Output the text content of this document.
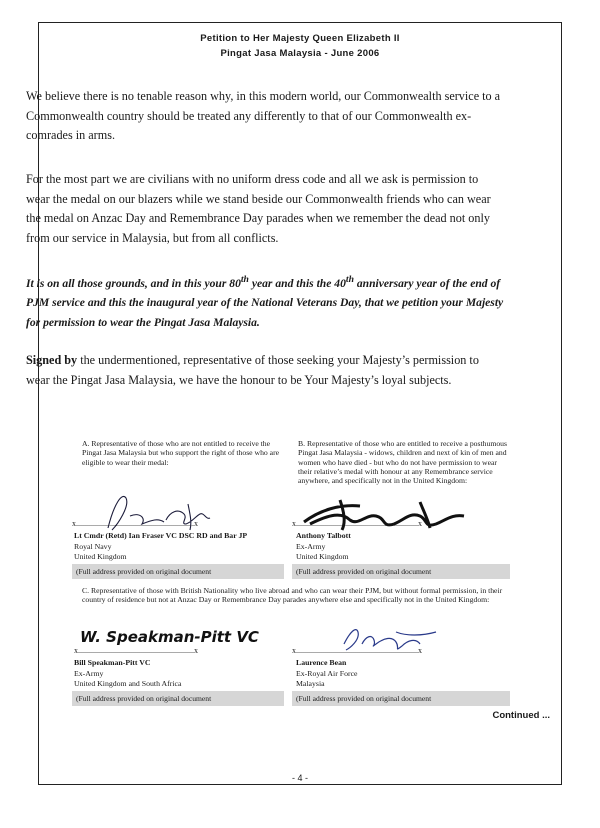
Petition to Her Majesty Queen Elizabeth II
Pingat Jasa Malaysia - June 2006

We believe there is no tenable reason why, in this modern world, our Commonwealth service to a Commonwealth country should be treated any differently to that of our Commonwealth ex-comrades in arms.

For the most part we are civilians with no uniform dress code and all we ask is permission to wear the medal on our blazers while we stand beside our Commonwealth friends who can wear the medal on Anzac Day and Remembrance Day parades when we remember the dead not only from our service in Malaysia, but from all conflicts.

It is on all those grounds, and in this your 80th year and this the 40th anniversary year of the end of PJM service and this the inaugural year of the National Veterans Day, that we petition your Majesty for permission to wear the Pingat Jasa Malaysia.

Signed by the undermentioned, representative of those seeking your Majesty’s permission to wear the Pingat Jasa Malaysia, we have the honour to be Your Majesty’s loyal subjects.

A. Representative of those who are not entitled to receive the Pingat Jasa Malaysia but who support the right of those who are eligible to wear their medal:
B. Representative of those who are entitled to receive a posthumous Pingat Jasa Malaysia - widows, children and next of kin of men and women who have died - but who do not have permission to wear their relative’s medal with honour at any Remembrance service anywhere, and specifically not in the United Kingdom:
x...........................................................x
Lt Cmdr (Retd) Ian Fraser VC DSC RD and Bar JP
Royal Navy
United Kingdom
(Full address provided on original document
x.............................................................x
Anthony Talbott
Ex-Army
United Kingdom
(Full address provided on original document
C. Representative of those with British Nationality who live abroad and who can wear their PJM, but without formal permission, in their country of residence but not at Anzac Day or Remembrance Day parades anywhere else and specifically not in the United Kingdom:
W. Speakman-Pitt VC
x..........................................................x
Bill Speakman-Pitt VC
Ex-Army
United Kingdom and South Africa
(Full address provided on original document
x.............................................................x
Laurence Bean
Ex-Royal Air Force
Malaysia
(Full address provided on original document
Continued ...
- 4 -
